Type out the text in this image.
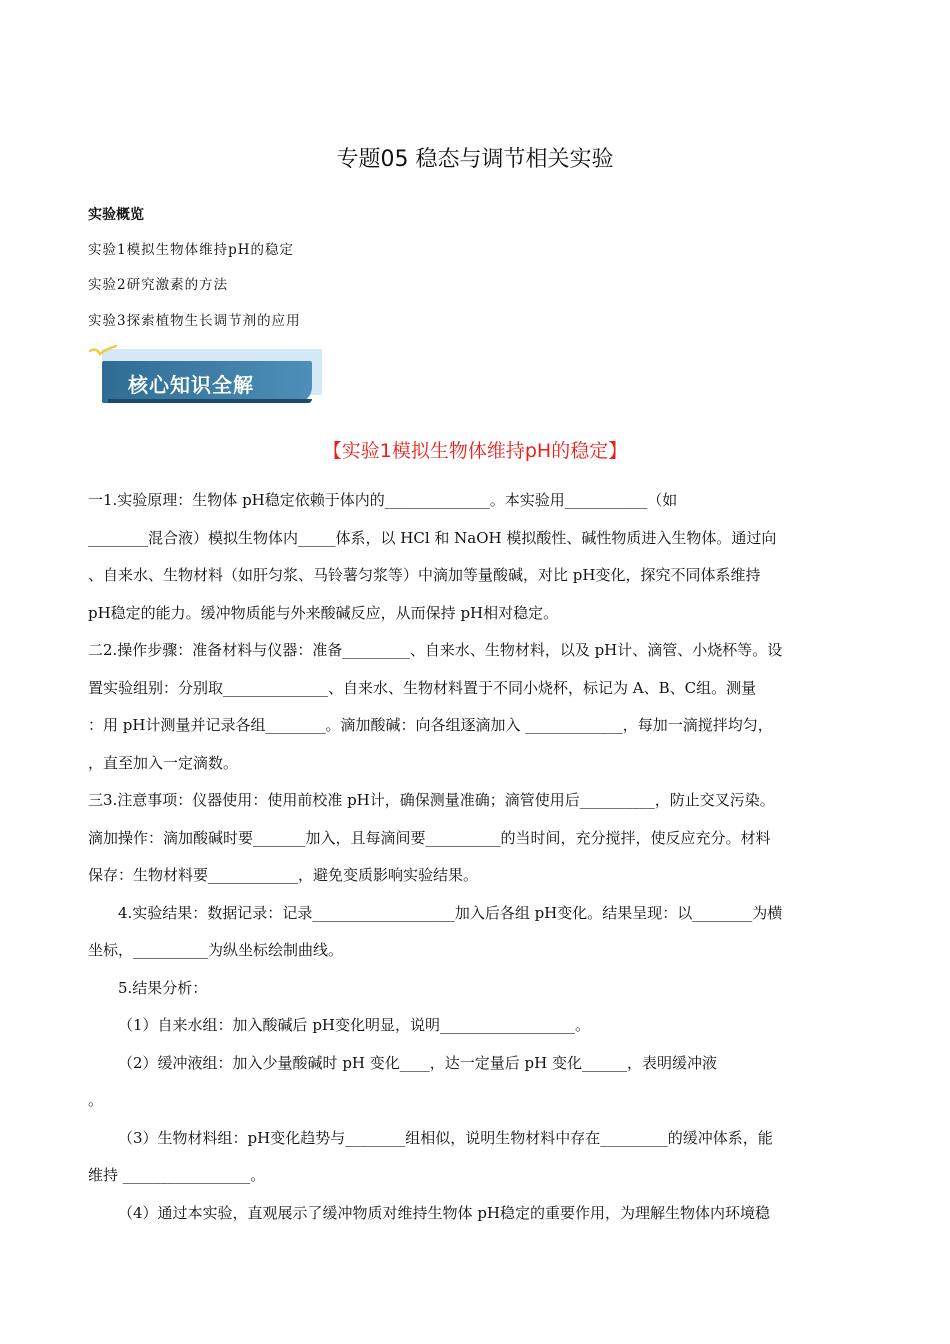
专题05 稳态与调节相关实验
实验概览
实验1模拟生物体维持pH的稳定
实验2研究激素的方法
实验3探索植物生长调节剂的应用
核心知识全解
【实验1模拟生物体维持pH的稳定】
一1.实验原理：生物体 pH稳定依赖于体内的______________。本实验用___________（如
________混合液）模拟生物体内_____体系，以 HCl 和 NaOH 模拟酸性、碱性物质进入生物体。通过向
、自来水、生物材料（如肝匀浆、马铃薯匀浆等）中滴加等量酸碱，对比 pH变化，探究不同体系维持
pH稳定的能力。缓冲物质能与外来酸碱反应，从而保持 pH相对稳定。
二2.操作步骤：准备材料与仪器：准备_________、自来水、生物材料，以及 pH计、滴管、小烧杯等。设
置实验组别：分别取______________、自来水、生物材料置于不同小烧杯，标记为 A、B、C组。测量
：用 pH计测量并记录各组________。滴加酸碱：向各组逐滴加入 _____________，每加一滴搅拌均匀，
，直至加入一定滴数。
三3.注意事项：仪器使用：使用前校准 pH计，确保测量准确；滴管使用后__________，防止交叉污染。
滴加操作：滴加酸碱时要_______加入，且每滴间要__________的当时间，充分搅拌，使反应充分。材料
保存：生物材料要____________，避免变质影响实验结果。
4.实验结果：数据记录：记录___________________加入后各组 pH变化。结果呈现：以________为横
坐标，__________为纵坐标绘制曲线。
5.结果分析：
（1）自来水组：加入酸碱后 pH变化明显，说明__________________。
（2）缓冲液组：加入少量酸碱时 pH 变化____，达一定量后 pH 变化______，表明缓冲液
。
（3）生物材料组：pH变化趋势与________组相似，说明生物材料中存在_________的缓冲体系，能
维持 _________________。
（4）通过本实验，直观展示了缓冲物质对维持生物体 pH稳定的重要作用，为理解生物体内环境稳
